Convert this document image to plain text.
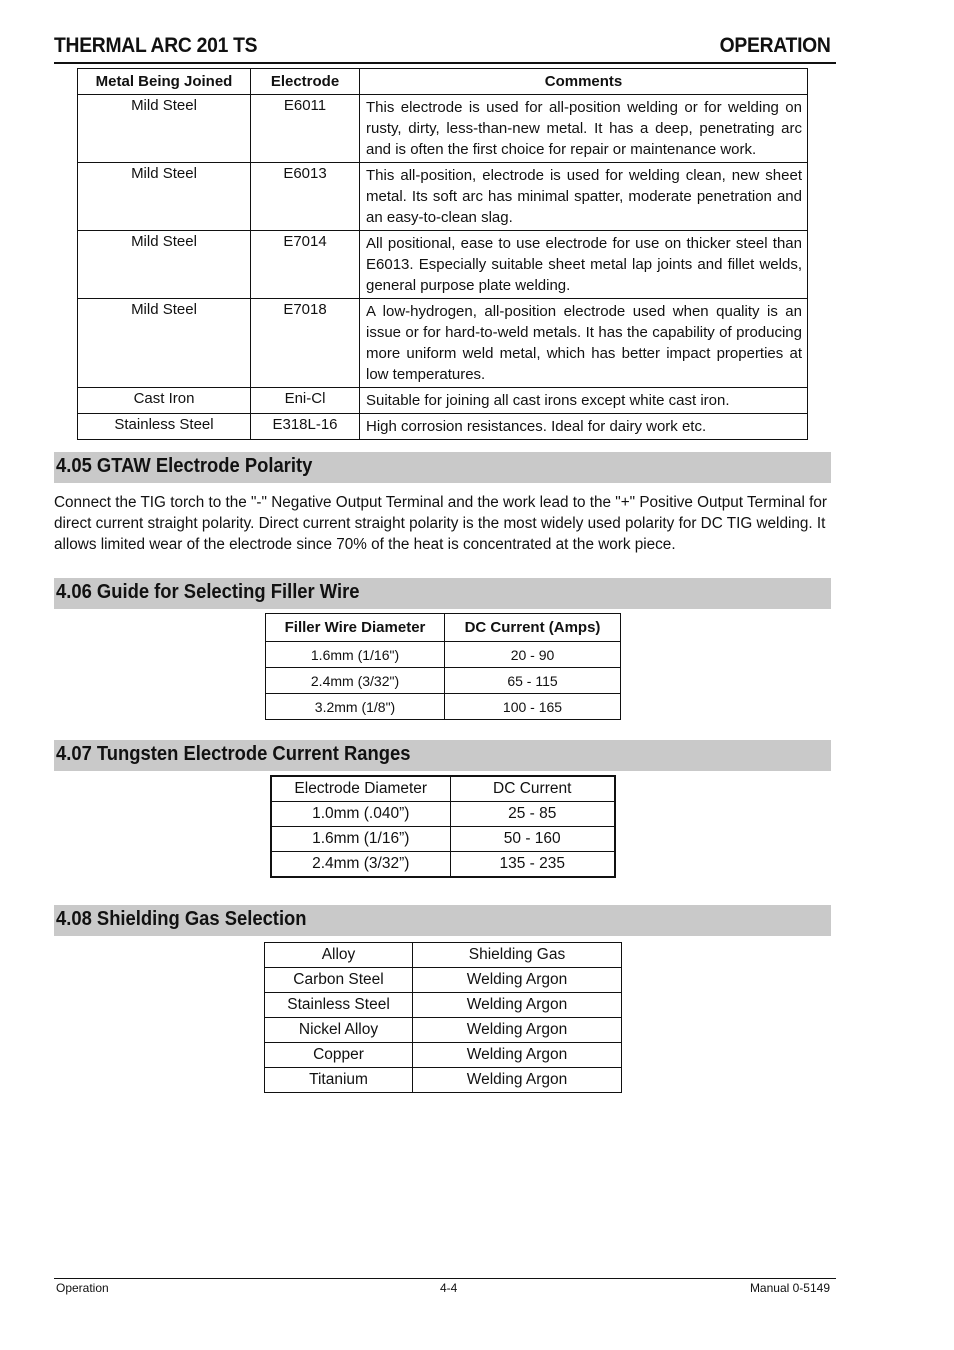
THERMAL ARC 201 TS	OPERATION
Metal Being Joined	Electrode	Comments
Mild Steel	E6011	This electrode is used for all-position welding or for welding on rusty, dirty, less-than-new metal. It has a deep, penetrating arc and is often the first choice for repair or maintenance work.
Mild Steel	E6013	This all-position, electrode is used for welding clean, new sheet metal. Its soft arc has minimal spatter, moderate penetration and an easy-to-clean slag.
Mild Steel	E7014	All positional, ease to use electrode for use on thicker steel than E6013. Especially suitable sheet metal lap joints and fillet welds, general purpose plate welding.
Mild Steel	E7018	A low-hydrogen, all-position electrode used when quality is an issue or for hard-to-weld metals. It has the capability of producing more uniform weld metal, which has better impact properties at low temperatures.
Cast Iron	Eni-Cl	Suitable for joining all cast irons except white cast iron.
Stainless Steel	E318L-16	High corrosion resistances. Ideal for dairy work etc.
4.05 GTAW Electrode Polarity
Connect the TIG torch to the "-" Negative Output Terminal and the work lead to the "+" Positive Output Terminal for direct current straight polarity. Direct current straight polarity is the most widely used polarity for DC TIG welding. It allows limited wear of the electrode since 70% of the heat is concentrated at the work piece.
4.06 Guide for Selecting Filler Wire
Filler Wire Diameter	DC Current (Amps)
1.6mm (1/16")	20 - 90
2.4mm (3/32")	65 - 115
3.2mm (1/8")	100 - 165
4.07 Tungsten Electrode Current Ranges
Electrode Diameter	DC Current
1.0mm (.040”)	25 - 85
1.6mm (1/16”)	50 - 160
2.4mm (3/32”)	135 - 235
4.08 Shielding Gas Selection
Alloy	Shielding Gas
Carbon Steel	Welding Argon
Stainless Steel	Welding Argon
Nickel Alloy	Welding Argon
Copper	Welding Argon
Titanium	Welding Argon
Operation	4-4	Manual 0-5149
